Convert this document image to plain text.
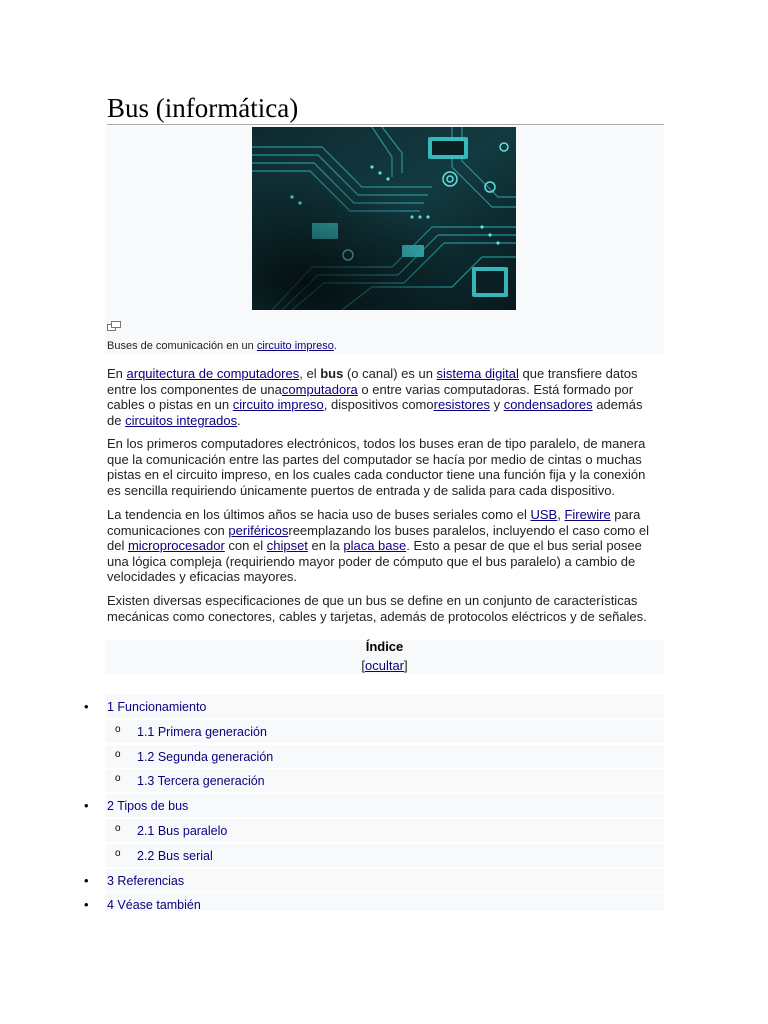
Bus (informática)
Buses de comunicación en un circuito impreso.
En arquitectura de computadores, el bus (o canal) es un sistema digital que transfiere datos
entre los componentes de unacomputadora o entre varias computadoras. Está formado por
cables o pistas en un circuito impreso, dispositivos comoresistores y condensadores además
de circuitos integrados.
En los primeros computadores electrónicos, todos los buses eran de tipo paralelo, de manera
que la comunicación entre las partes del computador se hacía por medio de cintas o muchas
pistas en el circuito impreso, en los cuales cada conductor tiene una función fija y la conexión
es sencilla requiriendo únicamente puertos de entrada y de salida para cada dispositivo.
La tendencia en los últimos años se hacia uso de buses seriales como el USB, Firewire para
comunicaciones con periféricosreemplazando los buses paralelos, incluyendo el caso como el
del microprocesador con el chipset en la placa base. Esto a pesar de que el bus serial posee
una lógica compleja (requiriendo mayor poder de cómputo que el bus paralelo) a cambio de
velocidades y eficacias mayores.
Existen diversas especificaciones de que un bus se define en un conjunto de características
mecánicas como conectores, cables y tarjetas, además de protocolos eléctricos y de señales.
Índice
[ocultar]
• 1 Funcionamiento
o 1.1 Primera generación
o 1.2 Segunda generación
o 1.3 Tercera generación
• 2 Tipos de bus
o 2.1 Bus paralelo
o 2.2 Bus serial
• 3 Referencias
• 4 Véase también
